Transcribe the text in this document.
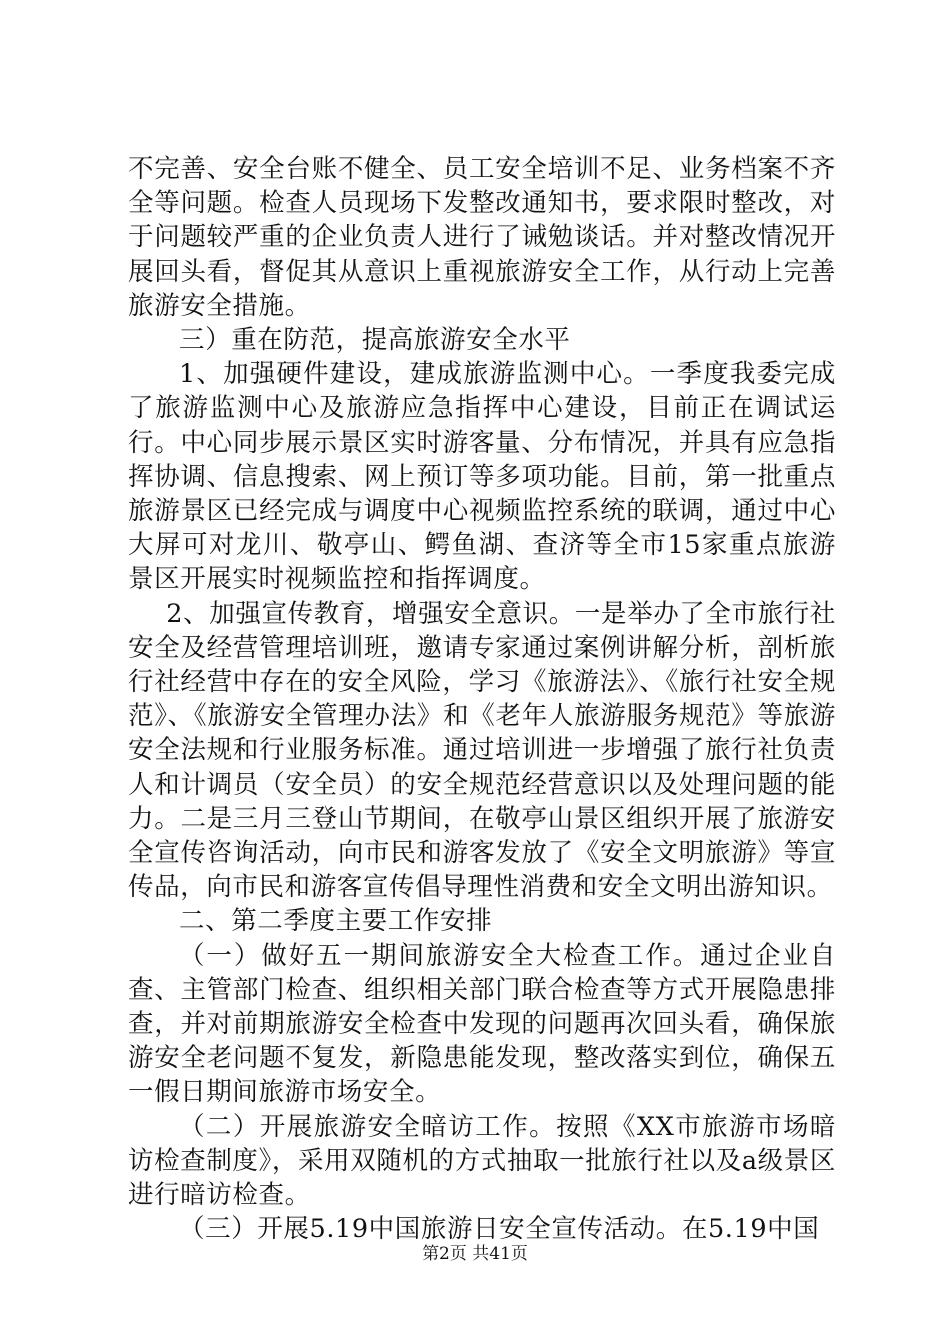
不完善、安全台账不健全、员工安全培训不足、业务档案不齐全等问题。检查人员现场下发整改通知书，要求限时整改，对于问题较严重的企业负责人进行了诫勉谈话。并对整改情况开展回头看，督促其从意识上重视旅游安全工作，从行动上完善旅游安全措施。

三）重在防范，提高旅游安全水平

1、加强硬件建设，建成旅游监测中心。一季度我委完成了旅游监测中心及旅游应急指挥中心建设，目前正在调试运行。中心同步展示景区实时游客量、分布情况，并具有应急指挥协调、信息搜索、网上预订等多项功能。目前，第一批重点旅游景区已经完成与调度中心视频监控系统的联调，通过中心大屏可对龙川、敬亭山、鳄鱼湖、查济等全市15家重点旅游景区开展实时视频监控和指挥调度。

2、加强宣传教育，增强安全意识。一是举办了全市旅行社安全及经营管理培训班，邀请专家通过案例讲解分析，剖析旅行社经营中存在的安全风险，学习《旅游法》、《旅行社安全规范》、《旅游安全管理办法》和《老年人旅游服务规范》等旅游安全法规和行业服务标准。通过培训进一步增强了旅行社负责人和计调员（安全员）的安全规范经营意识以及处理问题的能力。二是三月三登山节期间，在敬亭山景区组织开展了旅游安全宣传咨询活动，向市民和游客发放了《安全文明旅游》等宣传品，向市民和游客宣传倡导理性消费和安全文明出游知识。

二、第二季度主要工作安排

（一）做好五一期间旅游安全大检查工作。通过企业自查、主管部门检查、组织相关部门联合检查等方式开展隐患排查，并对前期旅游安全检查中发现的问题再次回头看，确保旅游安全老问题不复发，新隐患能发现，整改落实到位，确保五一假日期间旅游市场安全。

（二）开展旅游安全暗访工作。按照《XX市旅游市场暗访检查制度》，采用双随机的方式抽取一批旅行社以及a级景区进行暗访检查。

（三）开展5.19中国旅游日安全宣传活动。在5.19中国

第2页 共41页
